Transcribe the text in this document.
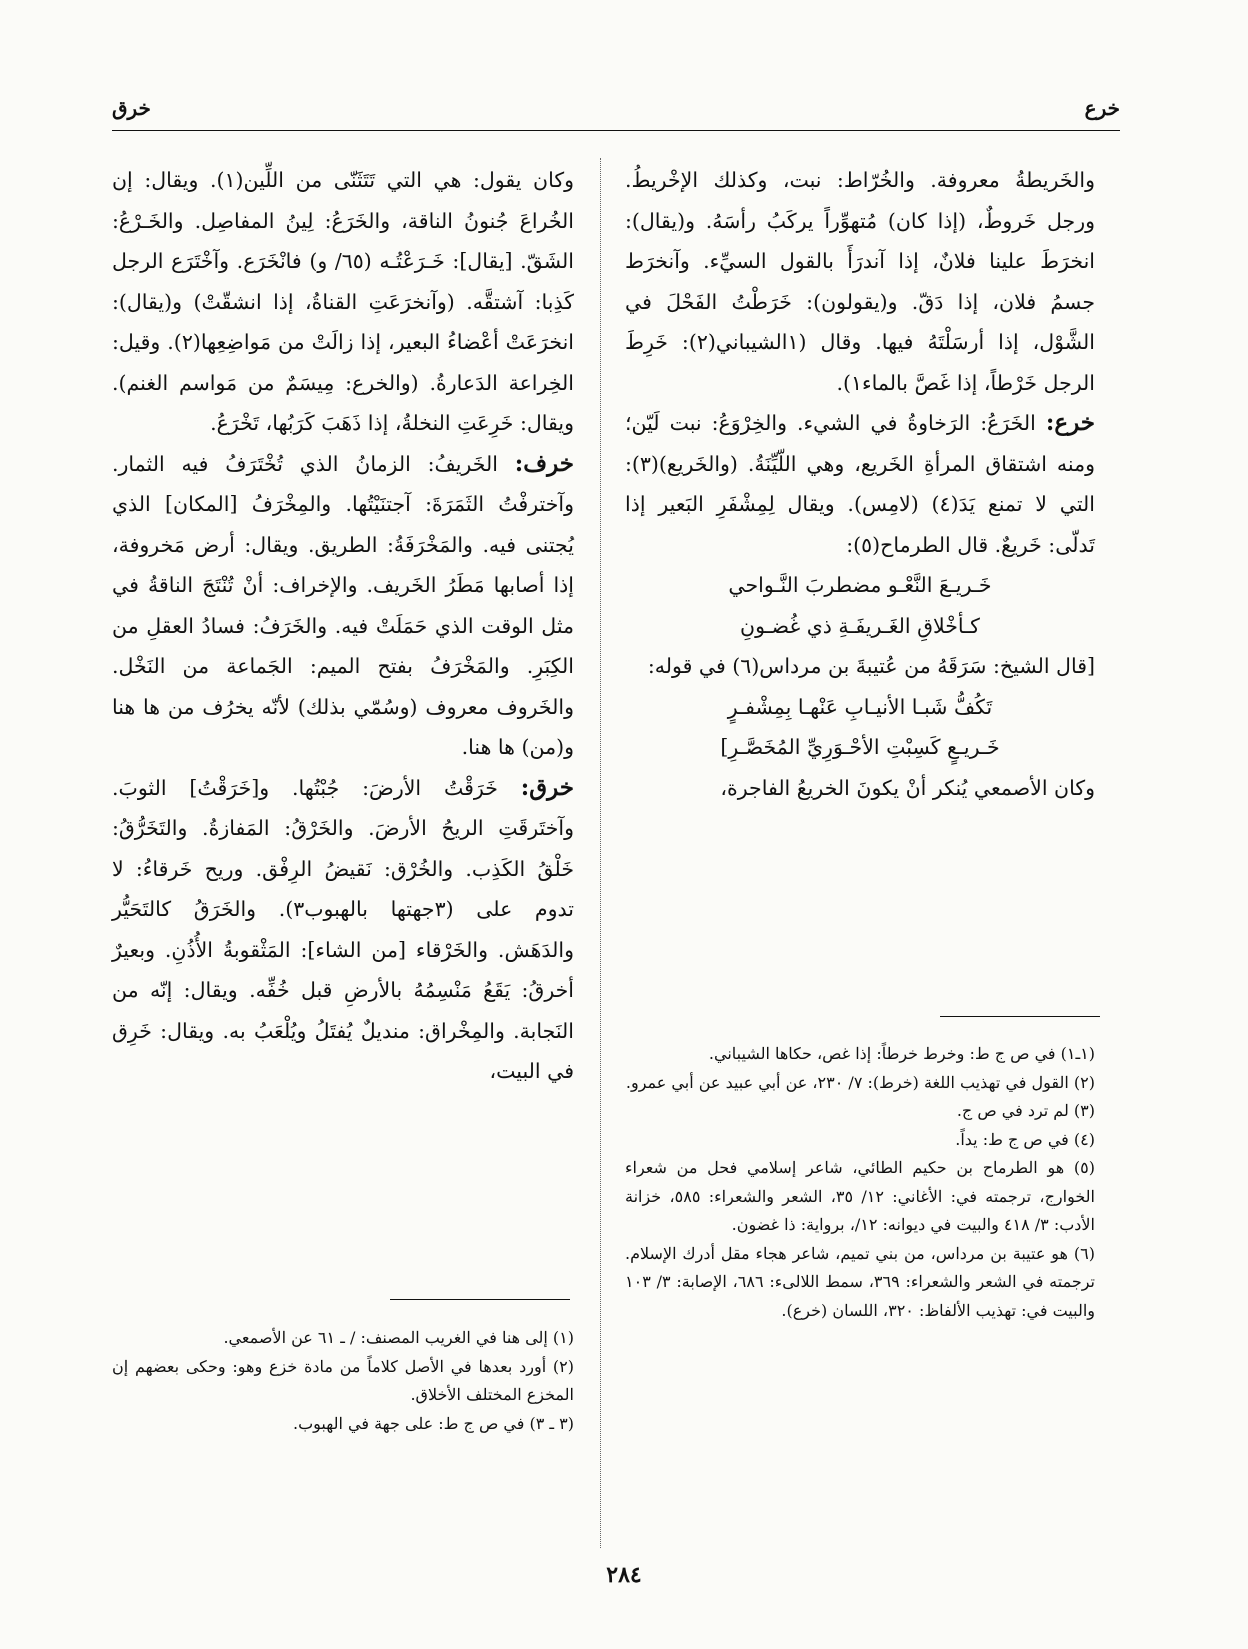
خرع
خرق

والخَريطةُ معروفة. والخُرّاط: نبت، وكذلك الإخْريطُ. ورجل خَروطٌ، (إذا كان) مُتهوِّراً يركَبُ رأسَهُ. و(يقال): انخرَطَ علينا فلانٌ، إذا آندرَأَ بالقول السيِّء. وآنخرَط جسمُ فلان، إذا دَقّ. و(يقولون): خَرَطْتُ الفَحْلَ في الشَّوْل، إذا أرسَلْتَهُ فيها. وقال (١الشيباني(٢): خَرِطَ الرجل خَرْطاً، إذا غَصَّ بالماء١).

خرع: الخَرَعُ: الرَخاوةُ في الشيء. والخِرْوَعُ: نبت لَيّن؛ ومنه اشتقاق المرأةِ الخَريع، وهي اللّيِّنَةُ. (والخَريع)(٣): التي لا تمنع يَدَ(٤) (لامِس). ويقال لِمِشْفَرِ البَعير إذا تَدلّى: خَريعٌ. قال الطرماح(٥):

خَـريـعَ النَّعْـو مضطربَ النَّـواحي

كـأخْلاقِ الغَـريفَـةِ ذي غُضـونِ

[قال الشيخ: سَرَقَهُ من عُتيبةَ بن مرداس(٦) في قوله:

تَكُفُّ شَبـا الأنيـابِ عَنْهـا بِمِشْفـرٍ

خَـريـعٍ كَسِبْتِ الأحْـوَرِيِّ المُخَصَّـرِ]

وكان الأصمعي يُنكر أنْ يكونَ الخريعُ الفاجرة،

وكان يقول: هي التي تَتَثَنّى من اللِّين(١). ويقال: إن الخُراعَ جُنونُ الناقة، والخَرَعُ: لِينُ المفاصِل. والخَـرْعُ: الشَقّ. [يقال]: خَـرَعْتُـه (٦٥/ و) فانْخَرَع. وآخْتَرَع الرجل كَذِبا: آشتقَّه. (وآنخرَعَتِ القناةُ، إذا انشقّتْ) و(يقال): انخرَعَتْ أعْضاءُ البعير، إذا زالَتْ من مَواضِعِها(٢). وقيل: الخِراعة الدَعارةُ. (والخرع: مِيسَمٌ من مَواسم الغنم). ويقال: خَرِعَتِ النخلةُ، إذا ذَهَبَ كَرَبُها، تَخْرَعُ.

خرف: الخَريفُ: الزمانُ الذي تُخْتَرَفُ فيه الثمار. وآخترفْتُ الثَمَرَةَ: آجتنَيْتُها. والمِخْرَفُ [المكان] الذي يُجتنى فيه. والمَخْرَفَةُ: الطريق. ويقال: أرض مَخروفة، إذا أصابها مَطَرُ الخَريف. والإخراف: أنْ تُنْتَجَ الناقةُ في مثل الوقت الذي حَمَلَتْ فيه. والخَرَفُ: فسادُ العقلِ من الكِبَرِ. والمَخْرَفُ بفتح الميم: الجَماعة من النَخْل. والخَروف معروف (وسُمّي بذلك) لأنّه يخرُف من ها هنا و(من) ها هنا.

خرق: خَرَقْتُ الأرضَ: جُبْتُها. و[خَرَقْتُ] الثوبَ. وآختَرقَتِ الريحُ الأرضَ. والخَرْقُ: المَفازةُ. والتَخَرُّقُ: خَلْقُ الكَذِب. والخُرْق: نَقيضُ الرِفْق. وريح خَرقاءُ: لا تدوم على (٣جهتها بالهبوب٣). والخَرَقُ كالتَحَيُّر والدَهَش. والخَرْقاء [من الشاء]: المَثْقوبةُ الأُذُنِ. وبعيرٌ أخرقُ: يَقَعُ مَنْسِمُهُ بالأرضِ قبل خُفِّه. ويقال: إنّه من النَجابة. والمِخْراق: منديلٌ يُفتَلُ ويُلْعَبُ به. ويقال: خَرِق في البيت،

(١ـ١) في ص ج ط: وخرط خرطاً: إذا غص، حكاها الشيباني.

(٢) القول في تهذيب اللغة (خرط): ٧/ ٢٣٠، عن أبي عبيد عن أبي عمرو.

(٣) لم ترد في ص ج.

(٤) في ص ج ط: يداً.

(٥) هو الطرماح بن حكيم الطائي، شاعر إسلامي فحل من شعراء الخوارج، ترجمته في: الأغاني: ١٢/ ٣٥، الشعر والشعراء: ٥٨٥، خزانة الأدب: ٣/ ٤١٨ والبيت في ديوانه: ١٢/، برواية: ذا غضون.

(٦) هو عتيبة بن مرداس، من بني تميم، شاعر هجاء مقل أدرك الإسلام. ترجمته في الشعر والشعراء: ٣٦٩، سمط اللالىء: ٦٨٦، الإصابة: ٣/ ١٠٣ والبيت في: تهذيب الألفاظ: ٣٢٠، اللسان (خرع).

(١) إلى هنا في الغريب المصنف: / ـ ٦١ عن الأصمعي.

(٢) أورد بعدها في الأصل كلاماً من مادة خزع وهو: وحكى بعضهم إن المخزع المختلف الأخلاق.

(٣ ـ ٣) في ص ج ط: على جهة في الهبوب.

٢٨٤
